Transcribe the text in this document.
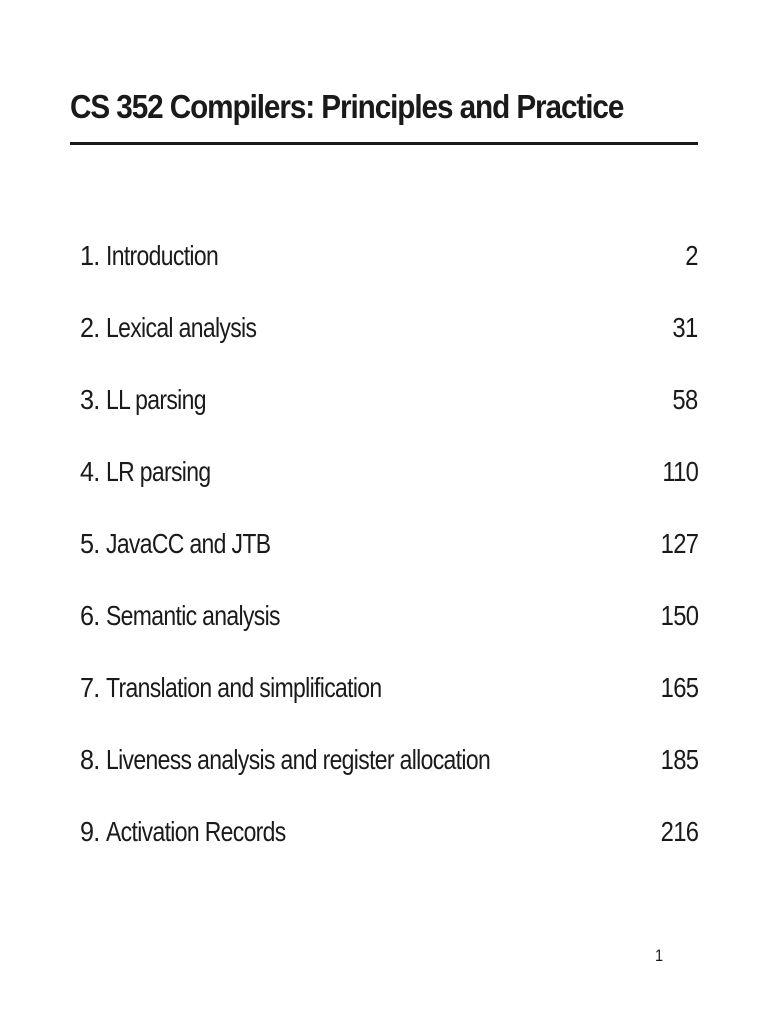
CS 352 Compilers: Principles and Practice
1. Introduction	2
2. Lexical analysis	31
3. LL parsing	58
4. LR parsing	110
5. JavaCC and JTB	127
6. Semantic analysis	150
7. Translation and simplification	165
8. Liveness analysis and register allocation	185
9. Activation Records	216
1
